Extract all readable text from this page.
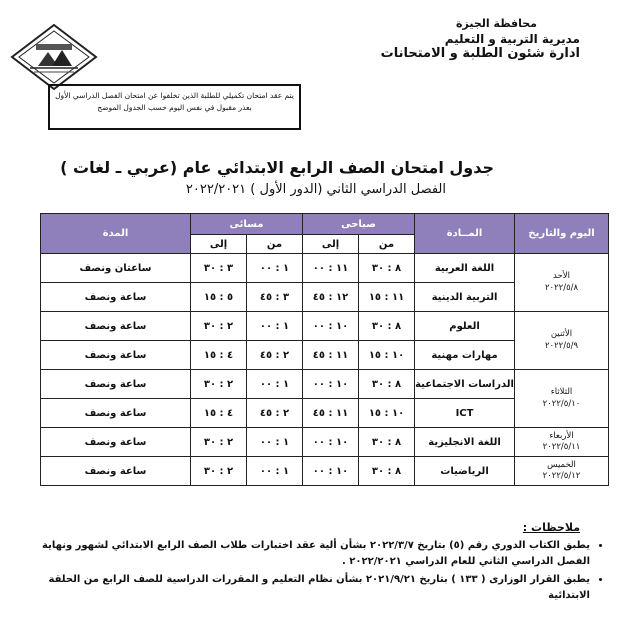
محافظة الجيزة
مديرية التربية و التعليم
ادارة شئون الطلبة و الامتحانات
يتم عقد امتحان تكميلي للطلبة الذين تخلفوا عن امتحان الفصل الدراسي الأول
بعذر مقبول في نفس اليوم حسب الجدول الموضح
جدول امتحان الصف الرابع الابتدائي عام (عربي ـ لغات )
الفصل الدراسي الثاني (الدور الأول ) ٢٠٢٢/٢٠٢١
اليوم والتاريخ	المــادة	صباحى		مسائى		المدة
		من	إلى	من	إلى	

الأحد
٢٠٢٢/٥/٨	اللغة العربية	٨ : ٣٠	١١ : ٠٠	١ : ٠٠	٣ : ٣٠	ساعتان ونصف
	التربية الدينية	١١ : ١٥	١٢ : ٤٥	٣ : ٤٥	٥ : ١٥	ساعة ونصف

الأثنين
٢٠٢٢/٥/٩	العلوم	٨ : ٣٠	١٠ : ٠٠	١ : ٠٠	٢ : ٣٠	ساعة ونصف
	مهارات مهنية	١٠ : ١٥	١١ : ٤٥	٢ : ٤٥	٤ : ١٥	ساعة ونصف

الثلاثاء
٢٠٢٢/٥/١٠	الدراسات الاجتماعية	٨ : ٣٠	١٠ : ٠٠	١ : ٠٠	٢ : ٣٠	ساعة ونصف
	ICT	١٠ : ١٥	١١ : ٤٥	٢ : ٤٥	٤ : ١٥	ساعة ونصف

الأربعاء
٢٠٢٢/٥/١١	اللغة الانجليزية	٨ : ٣٠	١٠ : ٠٠	١ : ٠٠	٢ : ٣٠	ساعة ونصف

الخميس
٢٠٢٢/٥/١٢	الرياضيات	٨ : ٣٠	١٠ : ٠٠	١ : ٠٠	٢ : ٣٠	ساعة ونصف
ملاحظات :
• يطبق الكتاب الدوري رقم (٥) بتاريخ ٢٠٢٢/٣/٧ بشأن ألية عقد اختبارات طلاب الصف الرابع الابتدائي لشهور ونهاية الفصل الدراسي الثاني للعام الدراسي ٢٠٢٢/٢٠٢١ .
• يطبق القرار الوزارى ( ١٣٣ ) بتاريخ ٢٠٢١/٩/٢١ بشأن نظام التعليم و المقررات الدراسية للصف الرابع من الحلقة الابتدائية
